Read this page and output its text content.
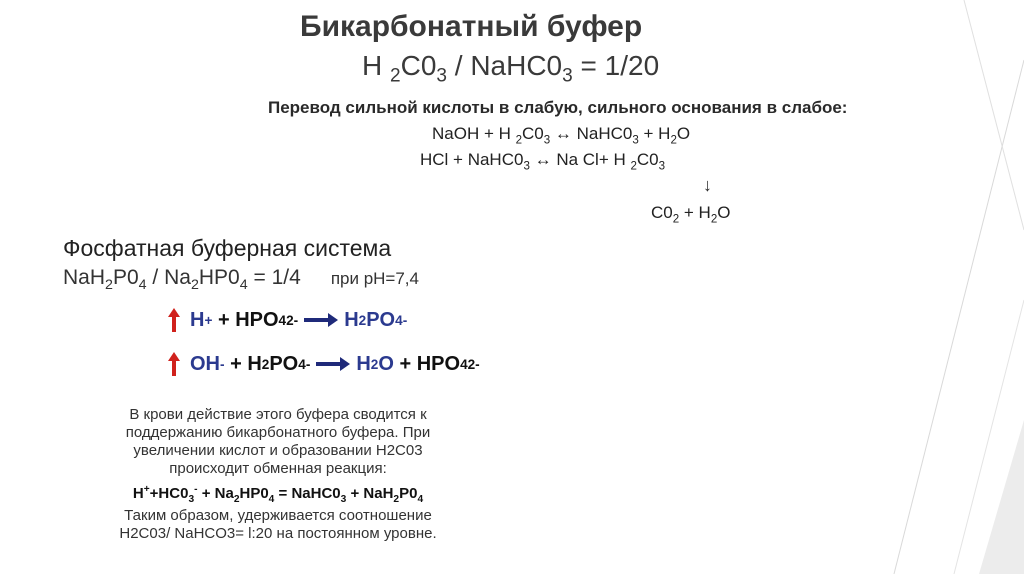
Бикарбонатный буфер
H $_2C0_3$ / $NaHC0_3 = 1/20$
Перевод сильной кислоты в слабую, сильного основания в слабое:
NaOH + H $_2C0_3$ ↔ $NaHC0_3 + H_2O$
HCl + $NaHC0_3$ ↔ Na Cl+ H $_2C0_3$
↓
$C0_2 + H_2O$
Фосфатная буферная система
$NaH_2P0_4 / Na_2HP0_4 = 1/4$ при pH=7,4
H + + HPO 4 2- H 2 PO 4 -
OH - + H 2 PO 4 - H 2 O + HPO 4 2-
В крови действие этого буфера сводится к поддержанию бикарбонатного буфера. При увеличении кислот и образовании H2C03 происходит обменная реакция:
$H^++HC0_3^- + Na_2HP0_4$ = $NaHC0_3 + NaH_2P0_4$
Таким образом, удерживается соотношение H2C03/ NaHCO3= l:20 на постоянном уровне.
